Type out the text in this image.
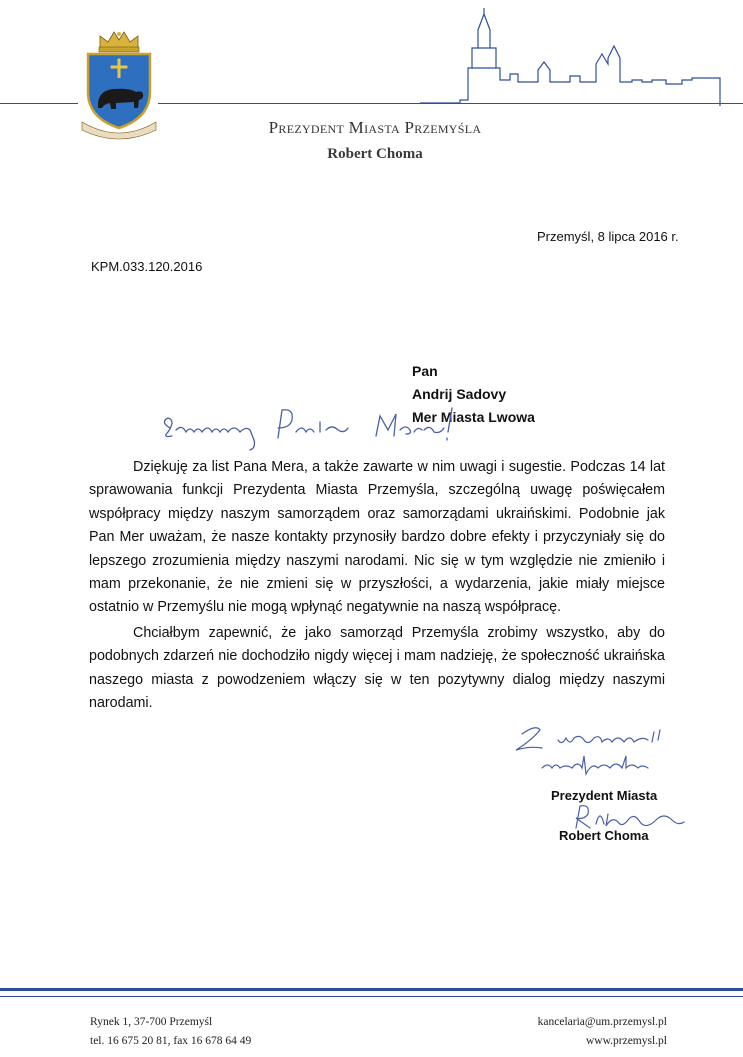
Prezydent Miasta Przemyśla
Robert Choma
Przemyśl, 8 lipca 2016 r.
KPM.033.120.2016
Pan
Andrij Sadovy
Mer Miasta Lwowa

Dziękuję za list Pana Mera, a także zawarte w nim uwagi i sugestie. Podczas 14 lat sprawowania funkcji Prezydenta Miasta Przemyśla, szczególną uwagę poświęcałem współpracy między naszym samorządem oraz samorządami ukraińskimi. Podobnie jak Pan Mer uważam, że nasze kontakty przynosiły bardzo dobre efekty i przyczyniały się do lepszego zrozumienia między naszymi narodami. Nic się w tym względzie nie zmieniło i mam przekonanie, że nie zmieni się w przyszłości, a wydarzenia, jakie miały miejsce ostatnio w Przemyślu nie mogą wpłynąć negatywnie na naszą współpracę.

Chciałbym zapewnić, że jako samorząd Przemyśla zrobimy wszystko, aby do podobnych zdarzeń nie dochodziło nigdy więcej i mam nadzieję, że społeczność ukraińska naszego miasta z powodzeniem włączy się w ten pozytywny dialog między naszymi narodami.

Prezydent Miasta
Robert Choma
Rynek 1, 37-700 Przemyśl
tel. 16 675 20 81, fax 16 678 64 49
kancelaria@um.przemysl.pl
www.przemysl.pl
